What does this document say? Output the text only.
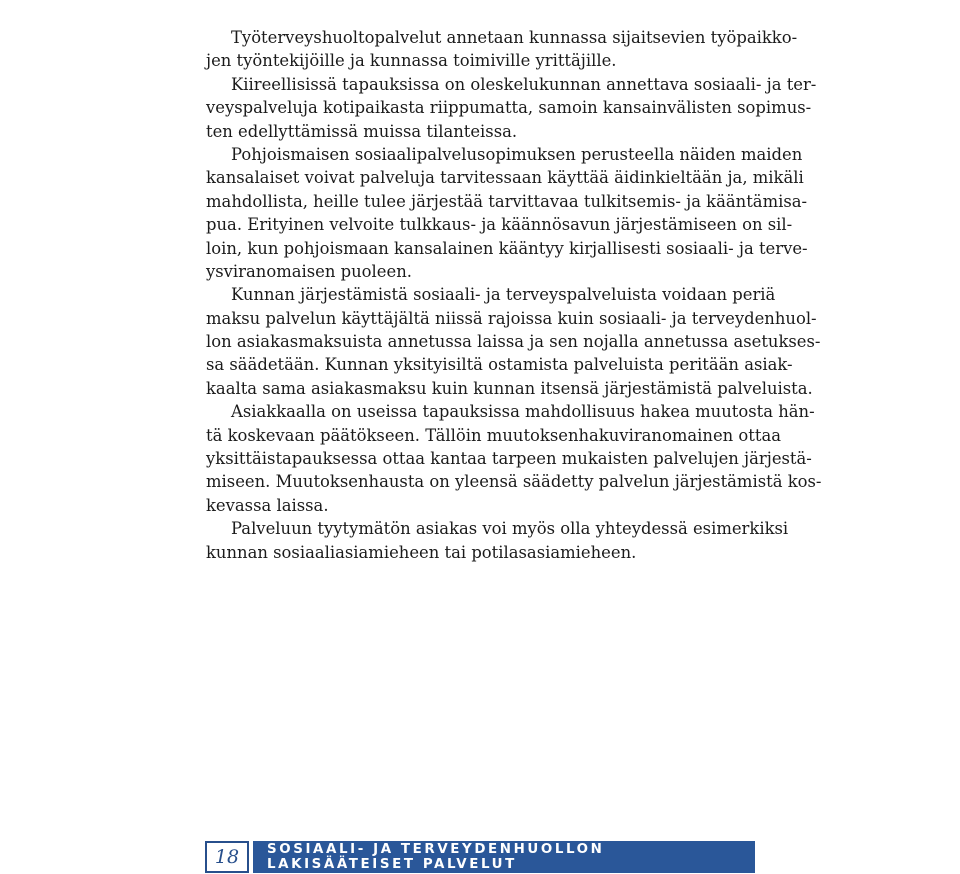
Työterveyshuoltopalvelut annetaan kunnassa sijaitsevien työpaikko-
jen työntekijöille ja kunnassa toimiville yrittäjille.
Kiireellisissä tapauksissa on oleskelukunnan annettava sosiaali- ja ter-
veyspalveluja kotipaikasta riippumatta, samoin kansainvälisten sopimus-
ten edellyttämissä muissa tilanteissa.
Pohjoismaisen sosiaalipalvelusopimuksen perusteella näiden maiden
kansalaiset voivat palveluja tarvitessaan käyttää äidinkieltään ja, mikäli
mahdollista, heille tulee järjestää tarvittavaa tulkitsemis- ja kääntämisa-
pua. Erityinen velvoite tulkkaus- ja käännösavun järjestämiseen on sil-
loin, kun pohjoismaan kansalainen kääntyy kirjallisesti sosiaali- ja terve-
ysviranomaisen puoleen.
Kunnan järjestämistä sosiaali- ja terveyspalveluista voidaan periä
maksu palvelun käyttäjältä niissä rajoissa kuin sosiaali- ja terveydenhuol-
lon asiakasmaksuista annetussa laissa ja sen nojalla annetussa asetukses-
sa säädetään. Kunnan yksityisiltä ostamista palveluista peritään asiak-
kaalta sama asiakasmaksu kuin kunnan itsensä järjestämistä palveluista.
Asiakkaalla on useissa tapauksissa mahdollisuus hakea muutosta hän-
tä koskevaan päätökseen. Tällöin muutoksenhakuviranomainen ottaa
yksittäistapauksessa ottaa kantaa tarpeen mukaisten palvelujen järjestä-
miseen. Muutoksenhausta on yleensä säädetty palvelun järjestämistä kos-
kevassa laissa.
Palveluun tyytymätön asiakas voi myös olla yhteydessä esimerkiksi
kunnan sosiaaliasiamieheen tai potilasasiamieheen.
18	SOSIAALI- JA TERVEYDENHUOLLON LAKISÄÄTEISET PALVELUT
